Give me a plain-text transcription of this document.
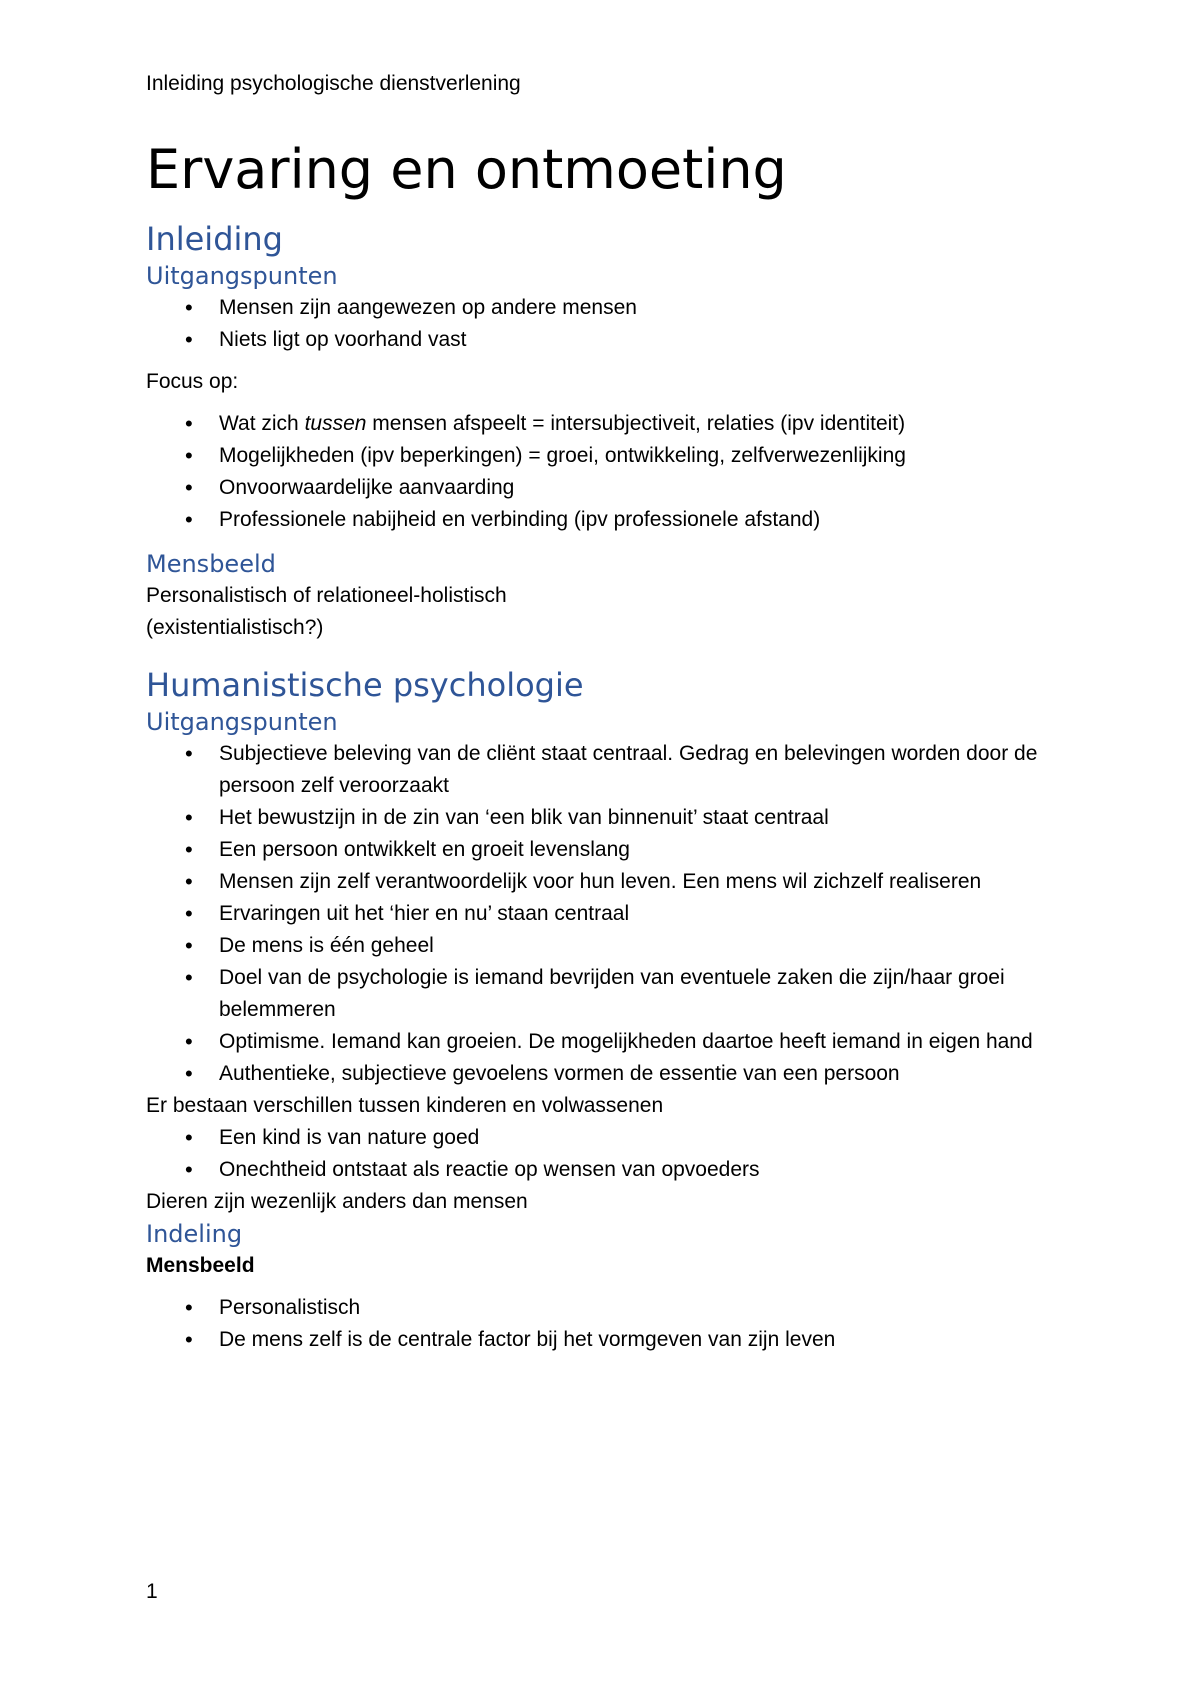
Inleiding psychologische dienstverlening
Ervaring en ontmoeting
Inleiding
Uitgangspunten
• Mensen zijn aangewezen op andere mensen
• Niets ligt op voorhand vast

Focus op:

• Wat zich tussen mensen afspeelt = intersubjectiveit, relaties (ipv identiteit)
• Mogelijkheden (ipv beperkingen) = groei, ontwikkeling, zelfverwezenlijking
• Onvoorwaardelijke aanvaarding
• Professionele nabijheid en verbinding (ipv professionele afstand)
Mensbeeld

Personalistisch of relationeel-holistisch

(existentialistisch?)

Humanistische psychologie
Uitgangspunten
• Subjectieve beleving van de cliënt staat centraal. Gedrag en belevingen worden door de persoon zelf veroorzaakt
• Het bewustzijn in de zin van ‘een blik van binnenuit’ staat centraal
• Een persoon ontwikkelt en groeit levenslang
• Mensen zijn zelf verantwoordelijk voor hun leven. Een mens wil zichzelf realiseren
• Ervaringen uit het ‘hier en nu’ staan centraal
• De mens is één geheel
• Doel van de psychologie is iemand bevrijden van eventuele zaken die zijn/haar groei belemmeren
• Optimisme. Iemand kan groeien. De mogelijkheden daartoe heeft iemand in eigen hand
• Authentieke, subjectieve gevoelens vormen de essentie van een persoon

Er bestaan verschillen tussen kinderen en volwassenen

• Een kind is van nature goed
• Onechtheid ontstaat als reactie op wensen van opvoeders

Dieren zijn wezenlijk anders dan mensen

Indeling

Mensbeeld

• Personalistisch
• De mens zelf is de centrale factor bij het vormgeven van zijn leven
1
